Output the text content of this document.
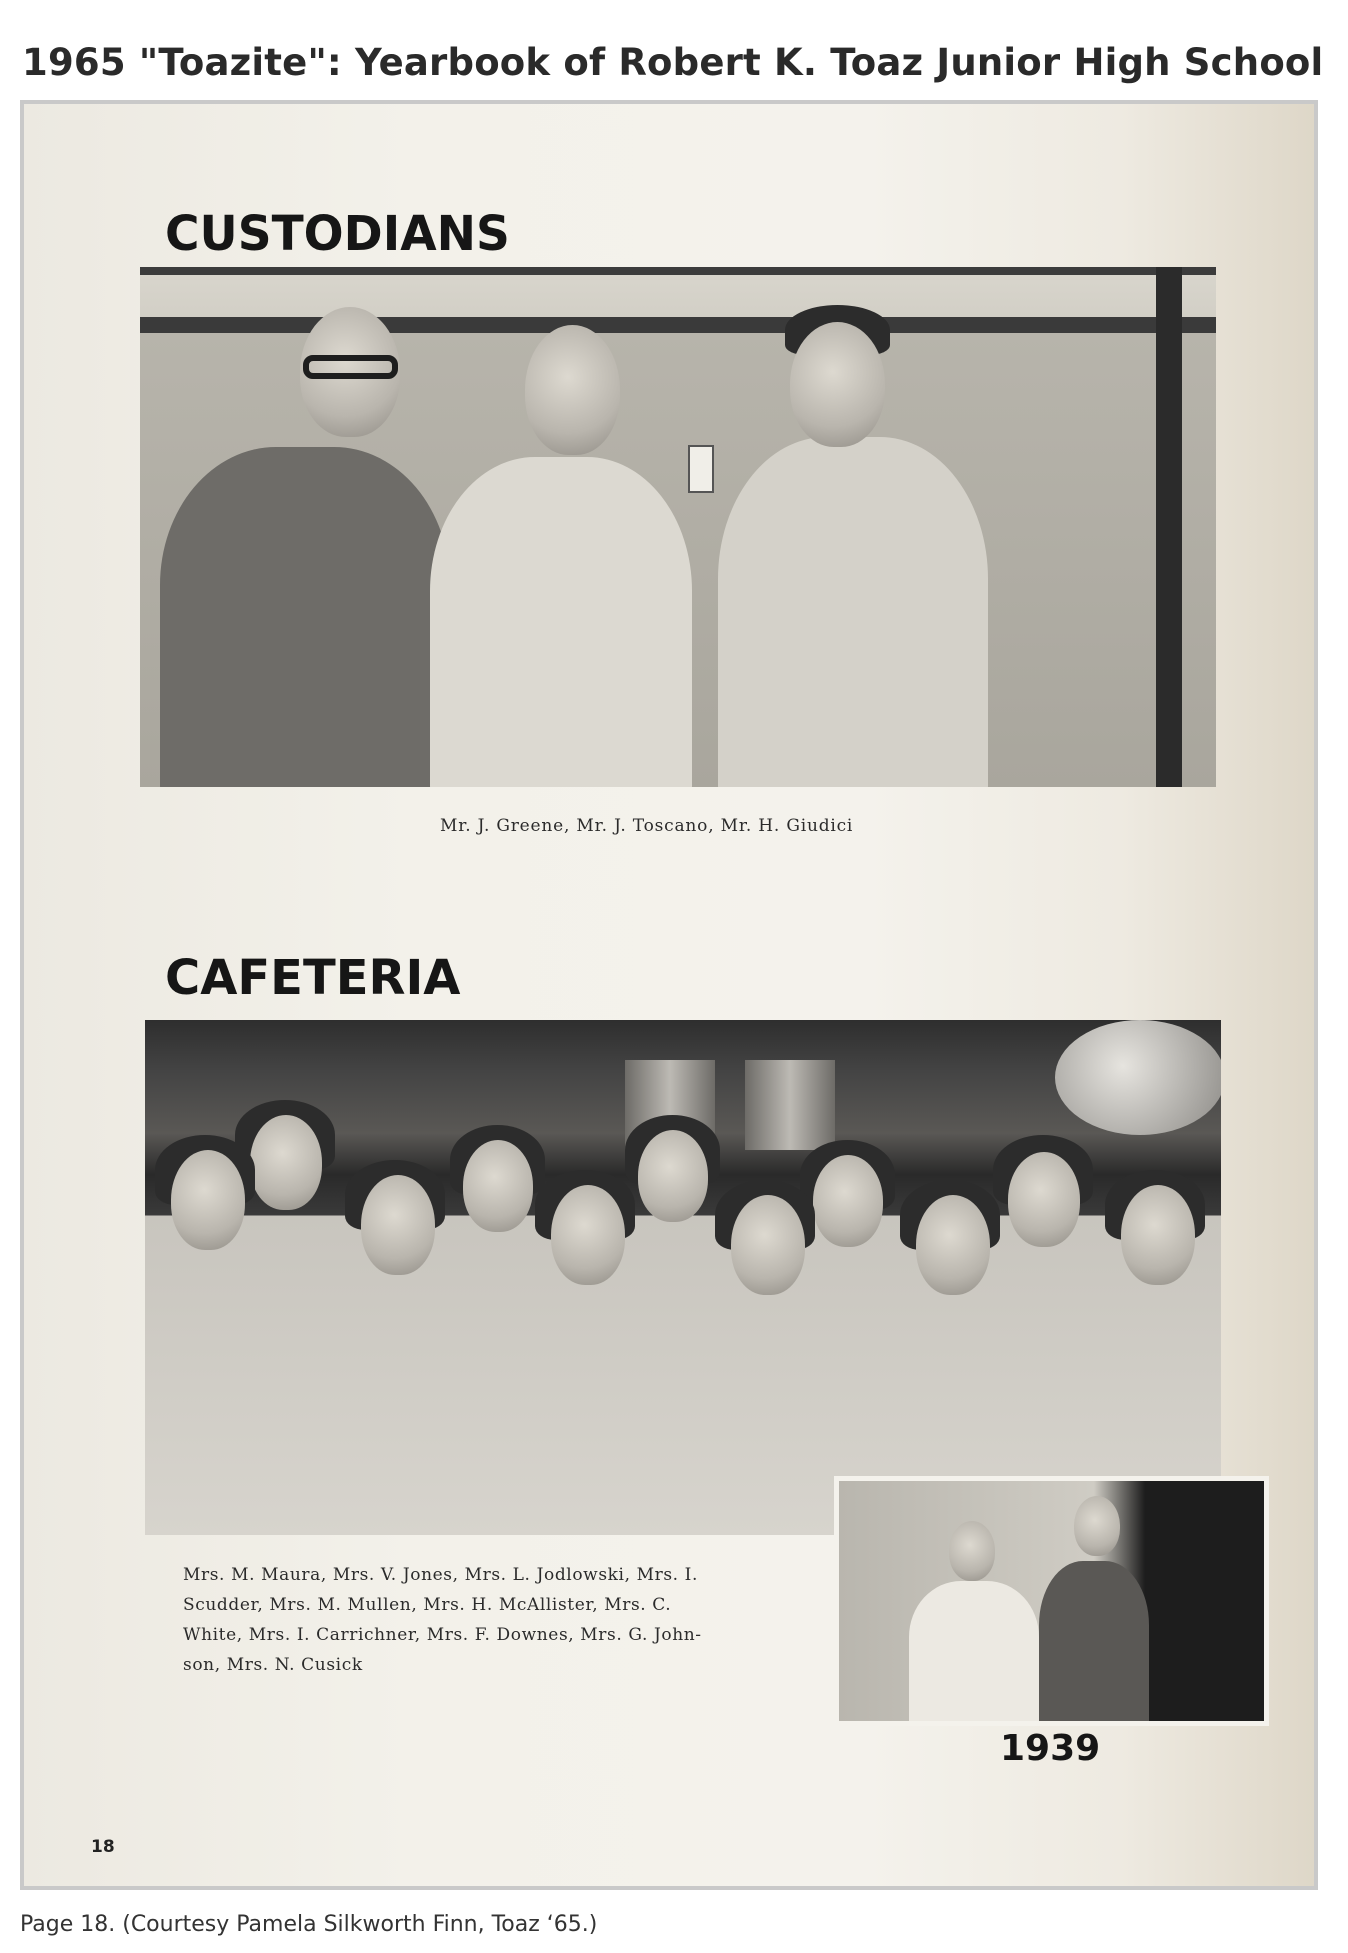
1965 "Toazite": Yearbook of Robert K. Toaz Junior High School
CUSTODIANS
Mr. J. Greene, Mr. J. Toscano, Mr. H. Giudici
CAFETERIA
Mrs. M. Maura, Mrs. V. Jones, Mrs. L. Jodlowski, Mrs. I.
Scudder, Mrs. M. Mullen, Mrs. H. McAllister, Mrs. C.
White, Mrs. I. Carrichner, Mrs. F. Downes, Mrs. G. John-
son, Mrs. N. Cusick
1939
18
Page 18. (Courtesy Pamela Silkworth Finn, Toaz ‘65.)
